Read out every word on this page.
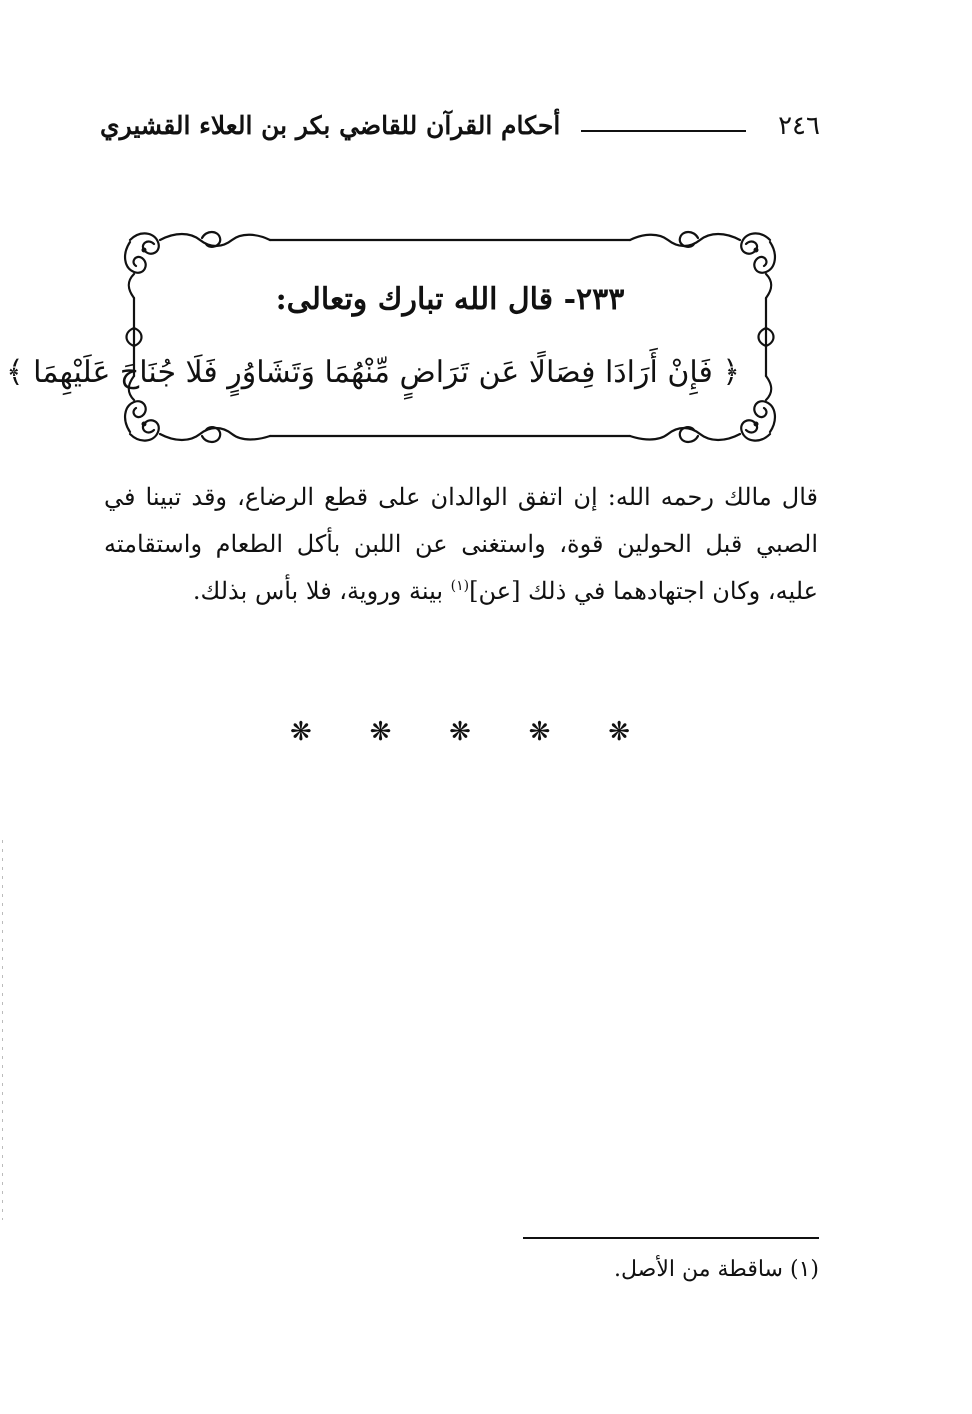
٢٤٦
أحكام القرآن للقاضي بكر بن العلاء القشيري
٢٣٣- قال الله تبارك وتعالى:
﴿ فَإِنْ أَرَادَا فِصَالًا عَن تَرَاضٍ مِّنْهُمَا وَتَشَاوُرٍ فَلَا جُنَاحَ عَلَيْهِمَا ﴾
قال مالك رحمه الله: إن اتفق الوالدان على قطع الرضاع، وقد تبينا في الصبي قبل الحولين قوة، واستغنى عن اللبن بأكل الطعام واستقامته عليه، وكان اجتهادهما في ذلك [عن]$^{(١)}$ بينة وروية، فلا بأس بذلك.
❋
❋
❋
❋
❋
(١) ساقطة من الأصل.
